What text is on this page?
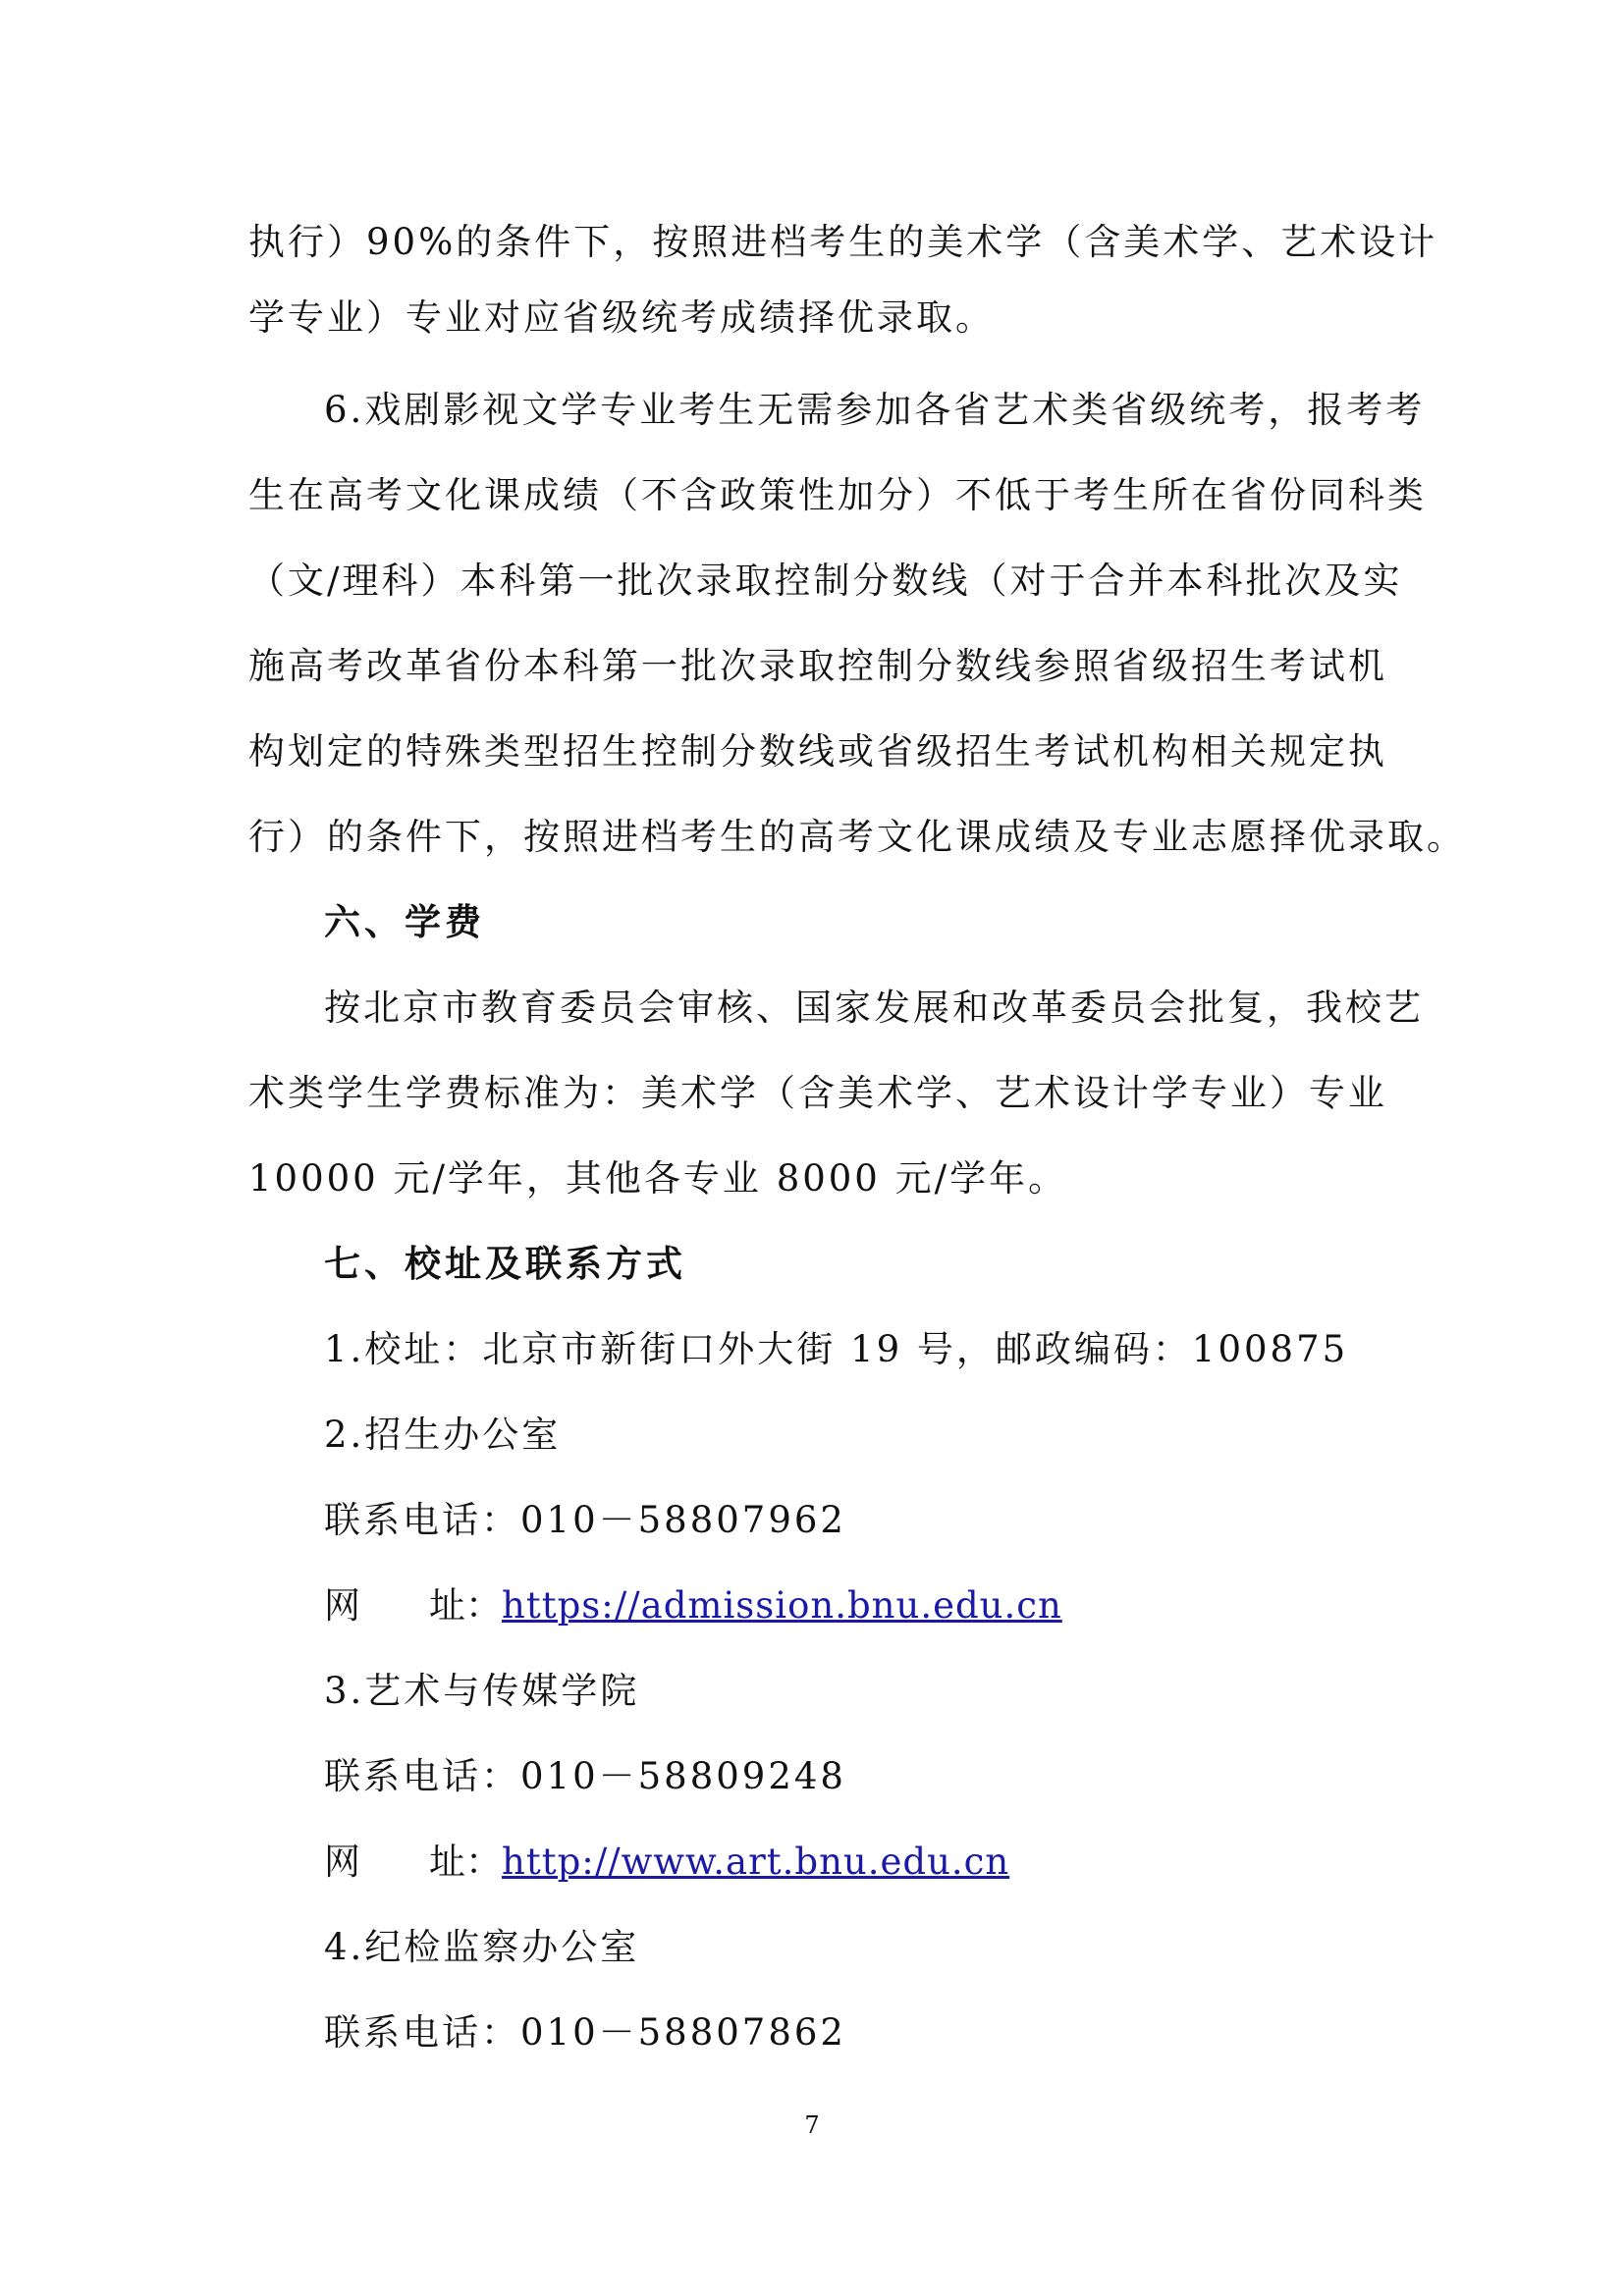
执行）90%的条件下，按照进档考生的美术学（含美术学、艺术设计
学专业）专业对应省级统考成绩择优录取。
6.戏剧影视文学专业考生无需参加各省艺术类省级统考，报考考
生在高考文化课成绩（不含政策性加分）不低于考生所在省份同科类
（文/理科）本科第一批次录取控制分数线（对于合并本科批次及实
施高考改革省份本科第一批次录取控制分数线参照省级招生考试机
构划定的特殊类型招生控制分数线或省级招生考试机构相关规定执
行）的条件下，按照进档考生的高考文化课成绩及专业志愿择优录取。
六、学费
按北京市教育委员会审核、国家发展和改革委员会批复，我校艺
术类学生学费标准为：美术学（含美术学、艺术设计学专业）专业
10000 元/学年，其他各专业 8000 元/学年。
七、校址及联系方式
1.校址：北京市新街口外大街 19 号，邮政编码：100875
2.招生办公室
联系电话：010－58807962
网 址：https://admission.bnu.edu.cn
3.艺术与传媒学院
联系电话：010－58809248
网 址：http://www.art.bnu.edu.cn
4.纪检监察办公室
联系电话：010－58807862
7
